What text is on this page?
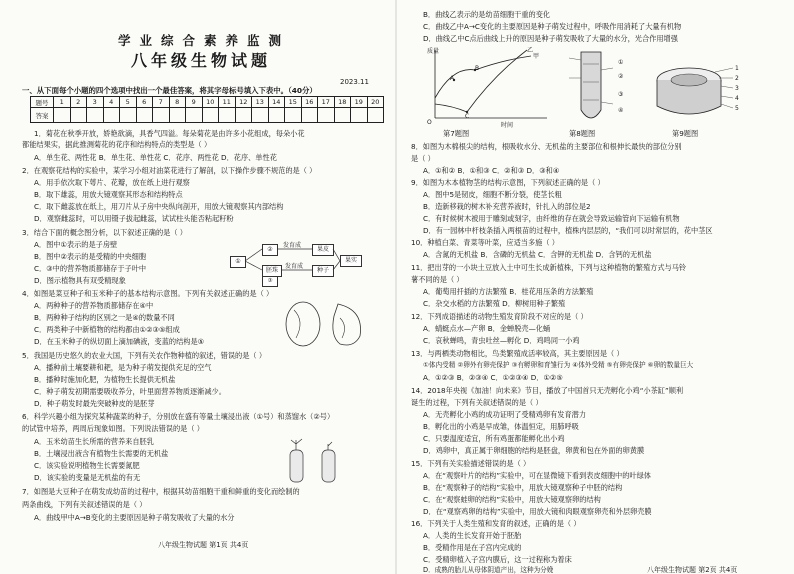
学业综合素养监测
八年级生物试题
2023.11
一、从下面每个小题的四个选项中找出一个最佳答案，将其字母标号填入下表中。（40分）
题号	1	2	3	4	5	6	7	8	9	10	11	12	13	14	15	16	17	18	19	20
答案																				
1．菊花在秋季开放，娇艳欲滴，具香气四溢。每朵菊花是由许多小花组成，每朵小花
都能结果实，据此推测菊花的花序和结构特点的类型是（ ）
A．单生花、两性花 B．单生花、单性花 C．花序、两性花 D．花序、单性花
2．在观察花结构的实验中，某学习小组对油菜花进行了解剖，以下操作步骤不规范的是（ ）
A．用手依次取下萼片、花瓣，放在纸上进行观察
B．取下雄蕊，用放大镜观察其形态和结构特点
C．取下雌蕊放在纸上，用刀片从子房中央纵向剖开，用放大镜观察其内部结构
D．观察雌蕊时，可以用镊子拔起雌蕊，试试柱头能否粘起籽粉
3．结合下面的概念图分析，以下叙述正确的是（ ）
A．图中①表示的是子房壁
B．图中②表示的是受精的中央细胞
C．③中的营养物质都储存于子叶中
D．图示植物具有双受精现象
①
②
发育成
果皮
胚珠
发育成
种子
③
果实
4．如图是菜豆种子和玉米种子的基本结构示意图。下列有关叙述正确的是（ ）
A．两种种子的营养物质都储存在④中
B．两种种子结构的区别之一是④的数量不同
C．两类种子中新植物的结构都由①②③⑤组成
D．在玉米种子的纵切面上滴加碘液，变蓝的结构是⑤
5．我国是历史悠久的农业大国，下列有关农作物种植的叙述，错误的是（ ）
A．播种前土壤要耕和耙，是为种子萌发提供充足的空气
B．播种时施加化肥，为植物生长提供无机盐
C．种子萌发初期需要吸收养分，叶里面营养物质逐渐减少。
D．种子萌发时最先突破种皮的是胚芽
6．科学兴趣小组为探究某种蔬菜的种子，分别放在盛有等量土壤浸出液（①号）和蒸馏水（②号）
的试管中培养，两周后现象如图。下列说法错误的是（ ）
A．玉米幼苗生长所需的营养来自胚乳
B．土壤浸出液含有植物生长需要的无机盐
C．该实验说明植物生长需要氮肥
D．该实验的变量是无机盐的有无
7．如图是大豆种子在萌发成幼苗的过程中，根据其幼苗细胞干重和鲜重的变化而绘制的
两条曲线，下列有关叙述错误的是（ ）
A．曲线甲中A→B变化的主要原因是种子萌发吸收了大量的水分
八年级生物试题 第1页 共4页
B．曲线乙表示的是幼苗细胞干重的变化
C．曲线乙中A→C变化的主要原因是种子萌发过程中，呼吸作用消耗了大量有机物
D．曲线乙中C点后曲线上升的原因是种子萌发吸收了大量的水分，光合作用增强
质量
时间
O
甲
乙
A
B
C
①
②
③
④
1
2
3
4
5
第7题图	第8题图	第9题图
8．如图为木棉根尖的结构，根吸收水分、无机盐的主要部位和根伸长最快的部位分别
是（ ）
A．①和② B．①和③ C．②和③ D．③和④
9．如图为木本植物茎的结构示意图，下列叙述正确的是（ ）
A．图中5是韧皮，细胞不断分裂，使茎长粗
B．造新移栽的树木补充营养液时，针扎入的部位是2
C．有时候树木被用于雕刻或刻字，由纤维的存在就会导致运输管向下运输有机物
D．有一园林中杆枝条插入两根苗的过程中，植株内层层的，“我们可以时常层的，花中茎区
10．种植白菜、青菜等叶菜，应适当多施（ ）
A．含氮的无机盐 B．含磷的无机盐 C．含钾的无机盐 D．含钙的无机盐
11．把出芽的一小块土豆放入土中可生长成新植株，下列与这种植物的繁殖方式与马铃
薯不同的是（ ）
A．葡萄用扦插的方法繁殖 B．桂花用压条的方法繁殖
C．杂交水稻的方法繁殖 D．柳树用种子繁殖
12．下列成语描述的动物生殖发育阶段不对应的是（ ）
A．蜻蜓点水—产卵 B．金蝉脱壳—化蛹
C．哀秋蝉鸣，青虫吐丝—孵化 D．鸡鸣同一小鸡
13．与两栖类动物相比，鸟类繁殖成活率较高，其主要原因是（ ）
①体内受精 ②卵外有卵壳保护 ③有孵卵和育雏行为 ④体外受精 ⑤有卵壳保护 ⑥卵的数量巨大
A．①②③ B．②③④ C．①②③④ D．①②⑤
14．2018年央视《加油！向未来》节目，播放了中国首只无壳孵化小鸡“小茶缸”顺利
诞生的过程，下列有关叙述错误的是（ ）
A．无壳孵化小鸡的成功证明了受精鸡卵有发育潜力
B．孵化出的小鸡是早成雏，体温恒定，用肺呼吸
C．只要温度适宜，所有鸡蛋都能孵化出小鸡
D．鸡卵中，真正属于卵细胞的结构是胚盘，卵黄和包在外面的卵黄膜
15．下列有关实验描述错误的是（ ）
A．在“观察叶片的结构”实验中，可在显微镜下看到表皮细胞中的叶绿体
B．在“观察种子的结构”实验中，用放大镜观察种子中胚的结构
C．在“观察蛙卵的结构”实验中，用放大镜观察卵的结构
D．在“观察鸡卵的结构”实验中，用放大镜和肉眼观察卵壳和外层卵壳膜
16．下列关于人类生殖和发育的叙述，正确的是（ ）
A．人类的生长发育开始于胚胎
B．受精作用是在子宫内完成的
C．受精卵植入子宫内膜后，这一过程称为着床
D．成熟的胎儿从母体阴道产出，这种为分娩	八年级生物试题 第2页 共4页
